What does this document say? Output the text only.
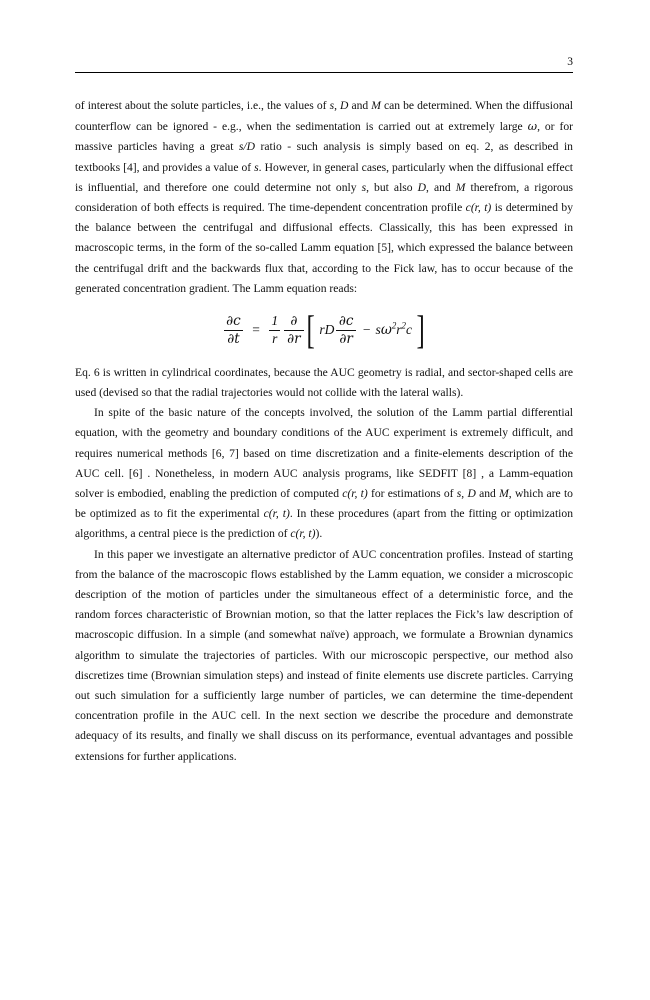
3

of interest about the solute particles, i.e., the values of s, D and M can be determined. When the diffusional counterflow can be ignored - e.g., when the sedimentation is carried out at extremely large ω, or for massive particles having a great s/D ratio - such analysis is simply based on eq. 2, as described in textbooks [4], and provides a value of s. However, in general cases, particularly when the diffusional effect is influential, and therefore one could determine not only s, but also D, and M therefrom, a rigorous consideration of both effects is required. The time-dependent concentration profile c(r, t) is determined by the balance between the centrifugal and diffusional effects. Classically, this has been expressed in macroscopic terms, in the form of the so-called Lamm equation [5], which expressed the balance between the centrifugal drift and the backwards flux that, according to the Fick law, has to occur because of the generated concentration gradient. The Lamm equation reads:

$\frac{\partial c}{\partial t} = \frac{1}{r} \frac{\partial}{\partial r}$ [ rD $\frac{\partial c}{\partial r} - s\omega^2r^2c$ ]

Eq. 6 is written in cylindrical coordinates, because the AUC geometry is radial, and sector-shaped cells are used (devised so that the radial trajectories would not collide with the lateral walls).

In spite of the basic nature of the concepts involved, the solution of the Lamm partial differential equation, with the geometry and boundary conditions of the AUC experiment is extremely difficult, and requires numerical methods [6, 7] based on time discretization and a finite-elements description of the AUC cell. [6] . Nonetheless, in modern AUC analysis programs, like SEDFIT [8] , a Lamm-equation solver is embodied, enabling the prediction of computed c(r, t) for estimations of s, D and M, which are to be optimized as to fit the experimental c(r, t). In these procedures (apart from the fitting or optimization algorithms, a central piece is the prediction of c(r, t)).

In this paper we investigate an alternative predictor of AUC concentration profiles. Instead of starting from the balance of the macroscopic flows established by the Lamm equation, we consider a microscopic description of the motion of particles under the simultaneous effect of a deterministic force, and the random forces characteristic of Brownian motion, so that the latter replaces the Fick’s law description of macroscopic diffusion. In a simple (and somewhat naïve) approach, we formulate a Brownian dynamics algorithm to simulate the trajectories of particles. With our microscopic perspective, our method also discretizes time (Brownian simulation steps) and instead of finite elements use discrete particles. Carrying out such simulation for a sufficiently large number of particles, we can determine the time-dependent concentration profile in the AUC cell. In the next section we describe the procedure and demonstrate adequacy of its results, and finally we shall discuss on its performance, eventual advantages and possible extensions for further applications.
